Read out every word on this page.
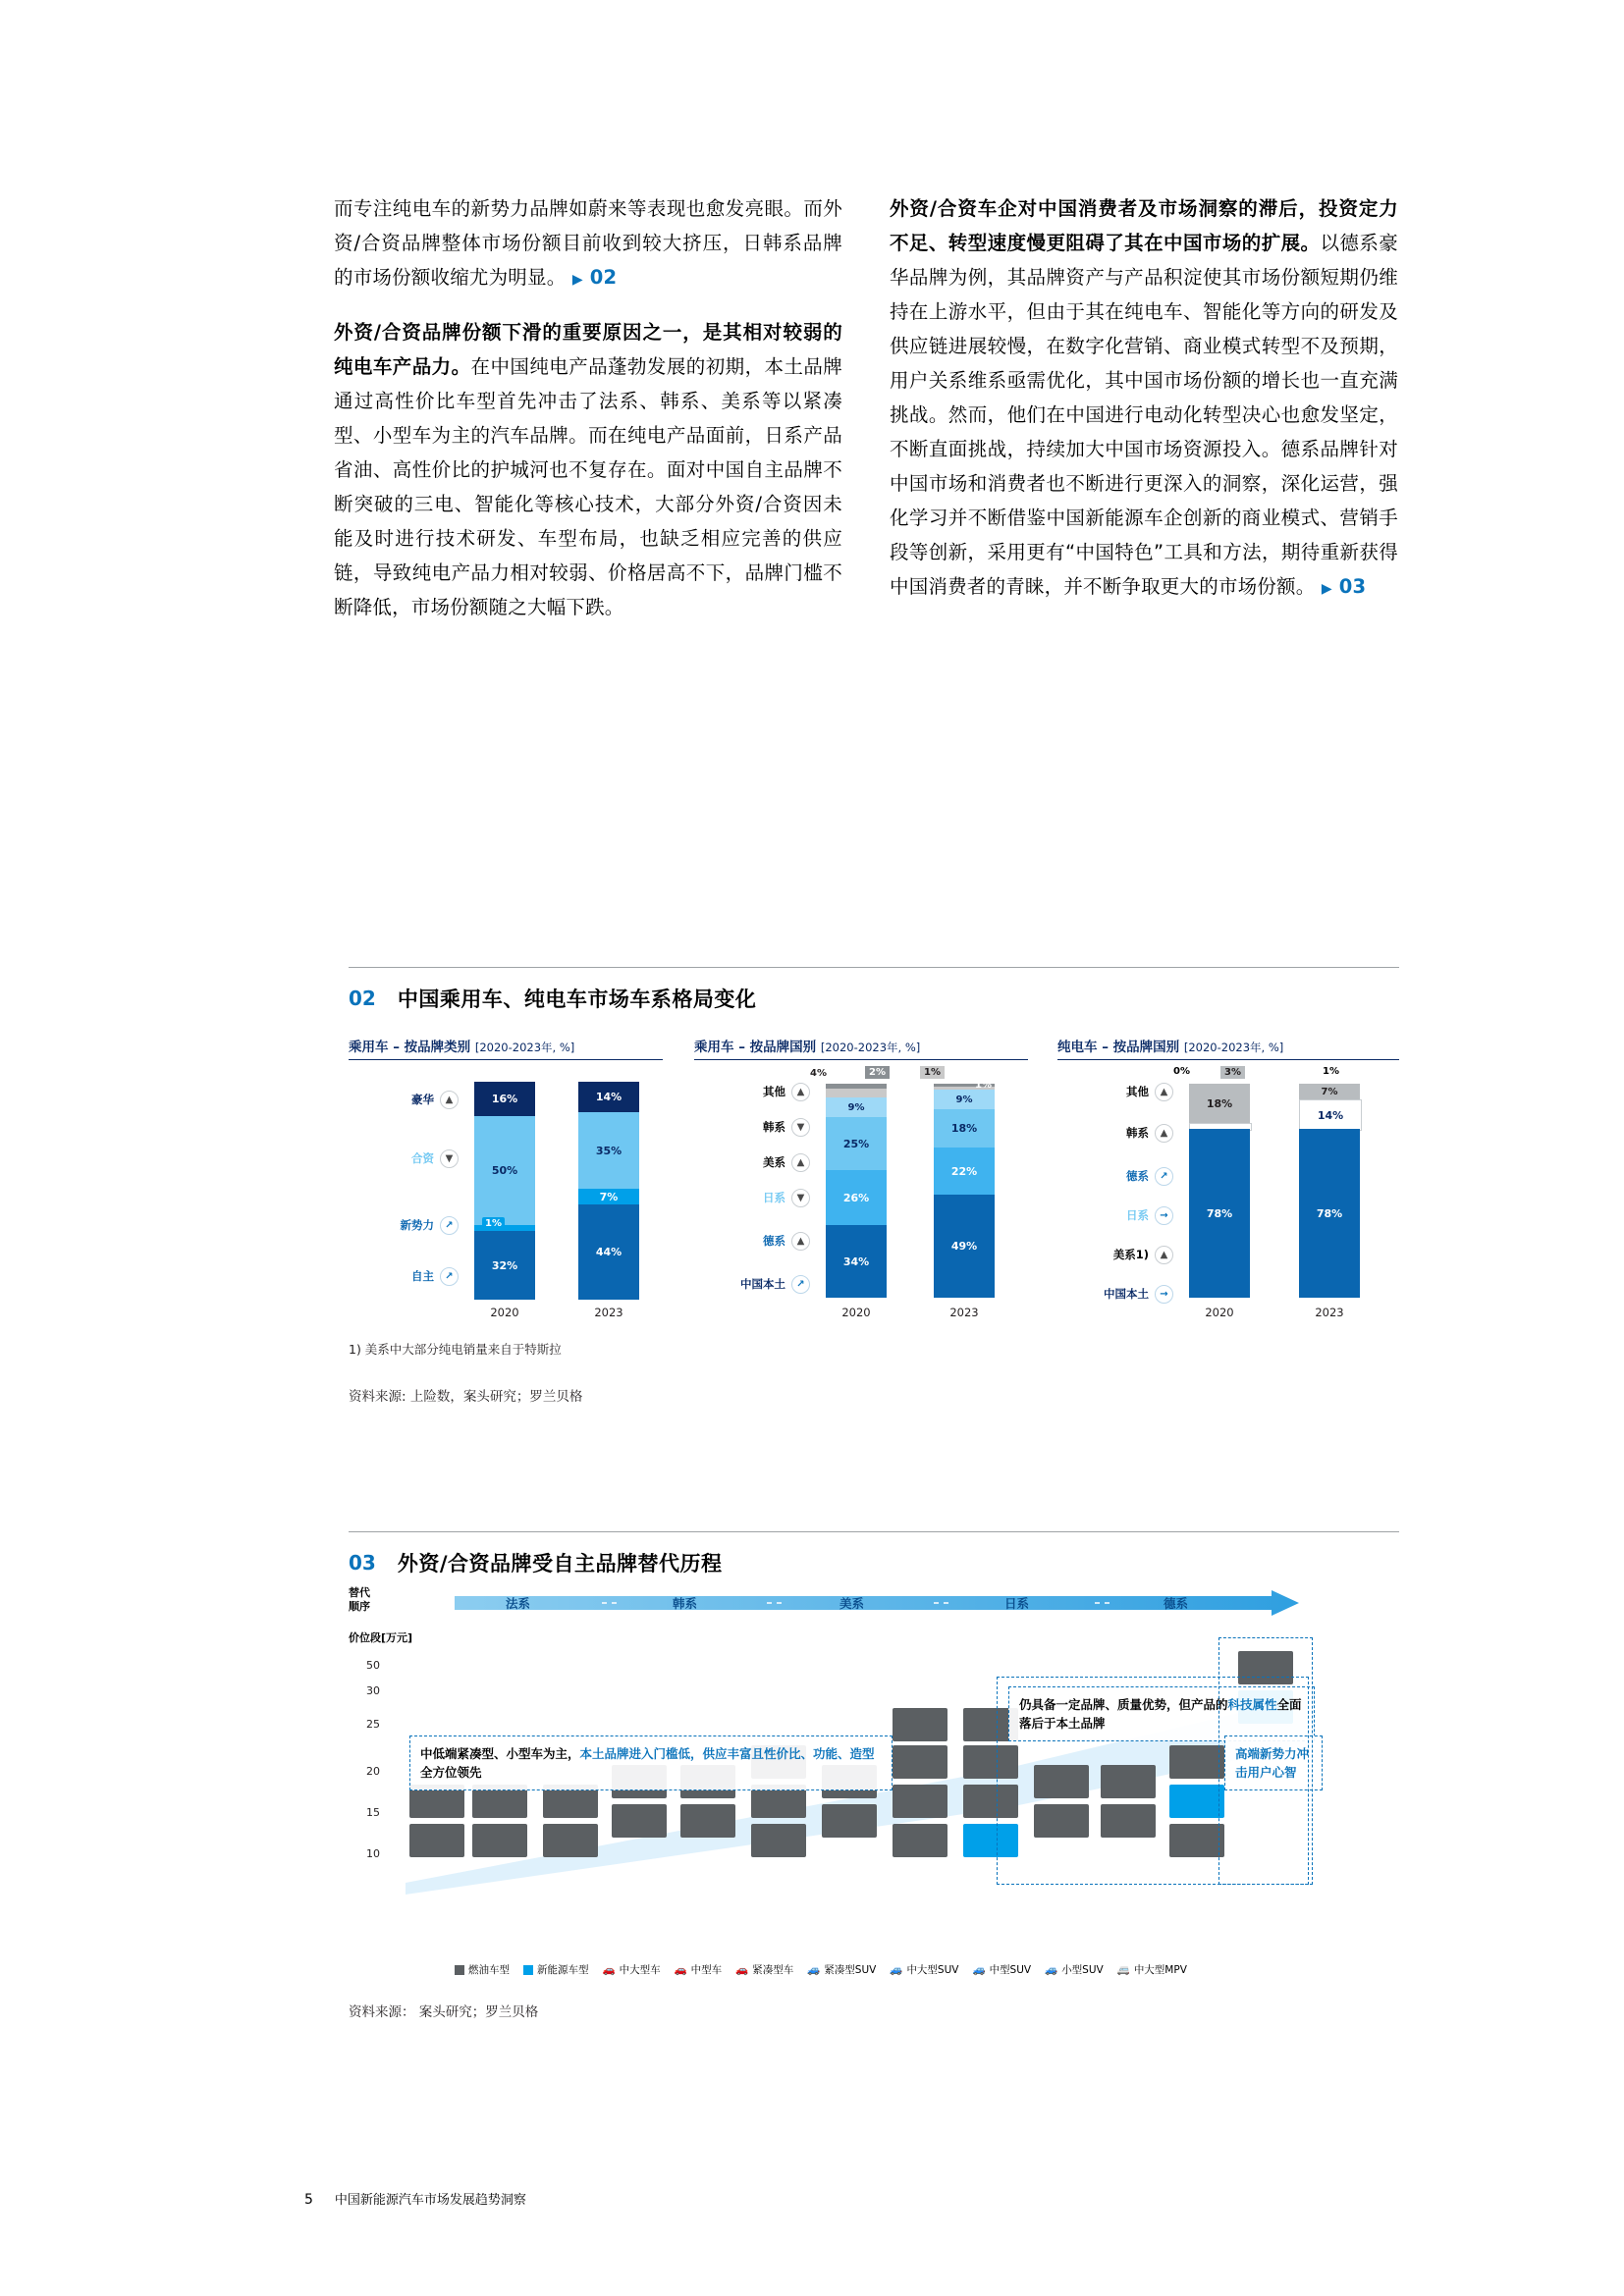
而专注纯电车的新势力品牌如蔚来等表现也愈发亮眼。而外资/合资品牌整体市场份额目前收到较大挤压，日韩系品牌的市场份额收缩尤为明显。 ▶ 02

外资/合资品牌份额下滑的重要原因之一，是其相对较弱的纯电车产品力。在中国纯电产品蓬勃发展的初期，本土品牌通过高性价比车型首先冲击了法系、韩系、美系等以紧凑型、小型车为主的汽车品牌。而在纯电产品面前，日系产品省油、高性价比的护城河也不复存在。面对中国自主品牌不断突破的三电、智能化等核心技术，大部分外资/合资因未能及时进行技术研发、车型布局，也缺乏相应完善的供应链，导致纯电产品力相对较弱、价格居高不下，品牌门槛不断降低，市场份额随之大幅下跌。

外资/合资车企对中国消费者及市场洞察的滞后，投资定力不足、转型速度慢更阻碍了其在中国市场的扩展。以德系豪华品牌为例，其品牌资产与产品积淀使其市场份额短期仍维持在上游水平，但由于其在纯电车、智能化等方向的研发及供应链进展较慢，在数字化营销、商业模式转型不及预期，用户关系维系亟需优化，其中国市场份额的增长也一直充满挑战。然而，他们在中国进行电动化转型决心也愈发坚定，不断直面挑战，持续加大中国市场资源投入。德系品牌针对中国市场和消费者也不断进行更深入的洞察，深化运营，强化学习并不断借鉴中国新能源车企创新的商业模式、营销手段等创新，采用更有“中国特色”工具和方法，期待重新获得中国消费者的青睐，并不断争取更大的市场份额。 ▶ 03

02 中国乘用车、纯电车市场车系格局变化
乘用车 – 按品牌类别 [2020-2023年, %]
豪华	▲
合资	▼
新势力	↗
自主	↗
16%
50%
32%
1%
2020
14%
35%
7%
44%
2023
乘用车 – 按品牌国别 [2020-2023年, %]
其他	▲
韩系	▼
美系	▲
日系	▼
德系	▲
中国本土	↗
9%
25%
26%
34%
4%	2%
2020
9%
18%
22%
49%
1%
1%
2023
纯电车 – 按品牌国别 [2020-2023年, %]
其他	▲
韩系	▲
德系	↗
日系	→
美系1)	▲
中国本土	→
18%
78%
0%	3%
2020
7%
14%
78%
1%
2023
1) 美系中大部分纯电销量来自于特斯拉
资料来源: 上险数，案头研究；罗兰贝格
03 外资/合资品牌受自主品牌替代历程
替代
顺序	法系	韩系	美系	日系	德系
价位段[万元]
50
30
25
20
15
10
中低端紧凑型、小型车为主，本土品牌进入门槛低，供应丰富且性价比、功能、造型全方位领先
仍具备一定品牌、质量优势，但产品的科技属性全面落后于本土品牌
高端新势力冲击用户心智
燃油车型	新能源车型 🚗 中大型车 🚗 中型车 🚗 紧凑型车 🚙 紧凑型SUV 🚙 中大型SUV 🚙 中型SUV 🚙 小型SUV 🚐 中大型MPV
资料来源： 案头研究；罗兰贝格
5 中国新能源汽车市场发展趋势洞察
